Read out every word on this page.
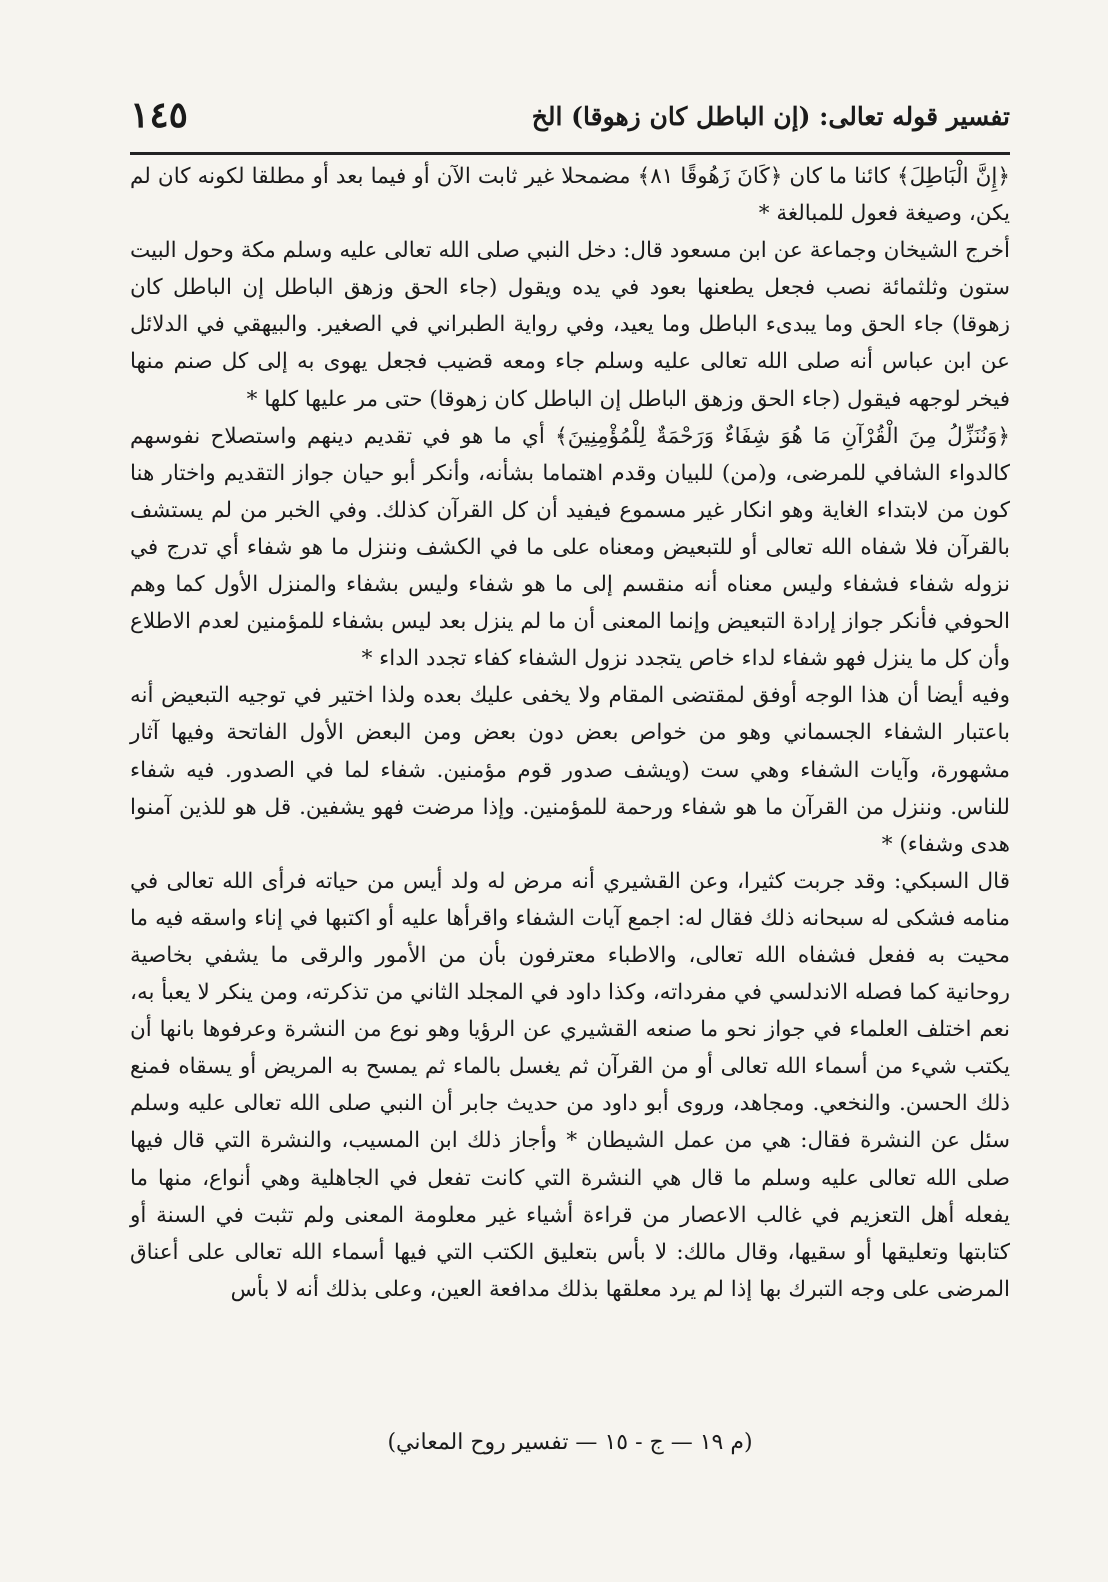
١٤٥	تفسير قوله تعالى: (إن الباطل كان زهوقا) الخ

﴿إِنَّ الْبَاطِلَ﴾ كائنا ما كان ﴿كَانَ زَهُوقًا ٨١﴾ مضمحلا غير ثابت الآن أو فيما بعد أو مطلقا لكونه كان لم يكن، وصيغة فعول للمبالغة *

أخرج الشيخان وجماعة عن ابن مسعود قال: دخل النبي صلى الله تعالى عليه وسلم مكة وحول البيت ستون وثلثمائة نصب فجعل يطعنها بعود في يده ويقول (جاء الحق وزهق الباطل إن الباطل كان زهوقا) جاء الحق وما يبدىء الباطل وما يعيد، وفي رواية الطبراني في الصغير. والبيهقي في الدلائل عن ابن عباس أنه صلى الله تعالى عليه وسلم جاء ومعه قضيب فجعل يهوى به إلى كل صنم منها فيخر لوجهه فيقول (جاء الحق وزهق الباطل إن الباطل كان زهوقا) حتى مر عليها كلها *

﴿وَنُنَزِّلُ مِنَ الْقُرْآنِ مَا هُوَ شِفَاءٌ وَرَحْمَةٌ لِلْمُؤْمِنِينَ﴾ أي ما هو في تقديم دينهم واستصلاح نفوسهم كالدواء الشافي للمرضى، و(من) للبيان وقدم اهتماما بشأنه، وأنكر أبو حيان جواز التقديم واختار هنا كون من لابتداء الغاية وهو انكار غير مسموع فيفيد أن كل القرآن كذلك. وفي الخبر من لم يستشف بالقرآن فلا شفاه الله تعالى أو للتبعيض ومعناه على ما في الكشف وننزل ما هو شفاء أي تدرج في نزوله شفاء فشفاء وليس معناه أنه منقسم إلى ما هو شفاء وليس بشفاء والمنزل الأول كما وهم الحوفي فأنكر جواز إرادة التبعيض وإنما المعنى أن ما لم ينزل بعد ليس بشفاء للمؤمنين لعدم الاطلاع وأن كل ما ينزل فهو شفاء لداء خاص يتجدد نزول الشفاء كفاء تجدد الداء *

وفيه أيضا أن هذا الوجه أوفق لمقتضى المقام ولا يخفى عليك بعده ولذا اختير في توجيه التبعيض أنه باعتبار الشفاء الجسماني وهو من خواص بعض دون بعض ومن البعض الأول الفاتحة وفيها آثار مشهورة، وآيات الشفاء وهي ست (ويشف صدور قوم مؤمنين. شفاء لما في الصدور. فيه شفاء للناس. وننزل من القرآن ما هو شفاء ورحمة للمؤمنين. وإذا مرضت فهو يشفين. قل هو للذين آمنوا هدى وشفاء) *

قال السبكي: وقد جربت كثيرا، وعن القشيري أنه مرض له ولد أيس من حياته فرأى الله تعالى في منامه فشكى له سبحانه ذلك فقال له: اجمع آيات الشفاء واقرأها عليه أو اكتبها في إناء واسقه فيه ما محيت به ففعل فشفاه الله تعالى، والاطباء معترفون بأن من الأمور والرقى ما يشفي بخاصية روحانية كما فصله الاندلسي في مفرداته، وكذا داود في المجلد الثاني من تذكرته، ومن ينكر لا يعبأ به، نعم اختلف العلماء في جواز نحو ما صنعه القشيري عن الرؤيا وهو نوع من النشرة وعرفوها بانها أن يكتب شيء من أسماء الله تعالى أو من القرآن ثم يغسل بالماء ثم يمسح به المريض أو يسقاه فمنع ذلك الحسن. والنخعي. ومجاهد، وروى أبو داود من حديث جابر أن النبي صلى الله تعالى عليه وسلم سئل عن النشرة فقال: هي من عمل الشيطان * وأجاز ذلك ابن المسيب، والنشرة التي قال فيها صلى الله تعالى عليه وسلم ما قال هي النشرة التي كانت تفعل في الجاهلية وهي أنواع، منها ما يفعله أهل التعزيم في غالب الاعصار من قراءة أشياء غير معلومة المعنى ولم تثبت في السنة أو كتابتها وتعليقها أو سقيها، وقال مالك: لا بأس بتعليق الكتب التي فيها أسماء الله تعالى على أعناق المرضى على وجه التبرك بها إذا لم يرد معلقها بذلك مدافعة العين، وعلى بذلك أنه لا بأس

(م ١٩ — ج - ١٥ — تفسير روح المعاني)
